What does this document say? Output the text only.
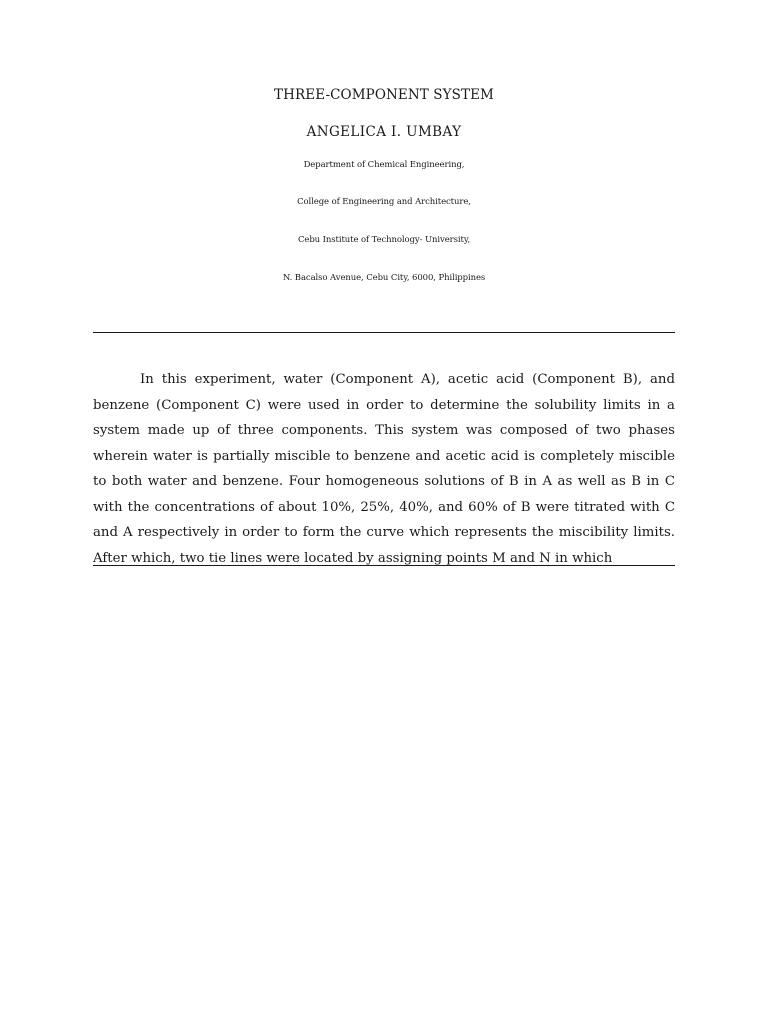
THREE-COMPONENT SYSTEM
ANGELICA I. UMBAY
Department of Chemical Engineering,
College of Engineering and Architecture,
Cebu Institute of Technology- University,
N. Bacalso Avenue, Cebu City, 6000, Philippines

In this experiment, water (Component A), acetic acid (Component B), and benzene (Component C) were used in order to determine the solubility limits in a system made up of three components. This system was composed of two phases wherein water is partially miscible to benzene and acetic acid is completely miscible to both water and benzene. Four homogeneous solutions of B in A as well as B in C with the concentrations of about 10%, 25%, 40%, and 60% of B were titrated with C and A respectively in order to form the curve which represents the miscibility limits. After which, two tie lines were located by assigning points M and N in which
